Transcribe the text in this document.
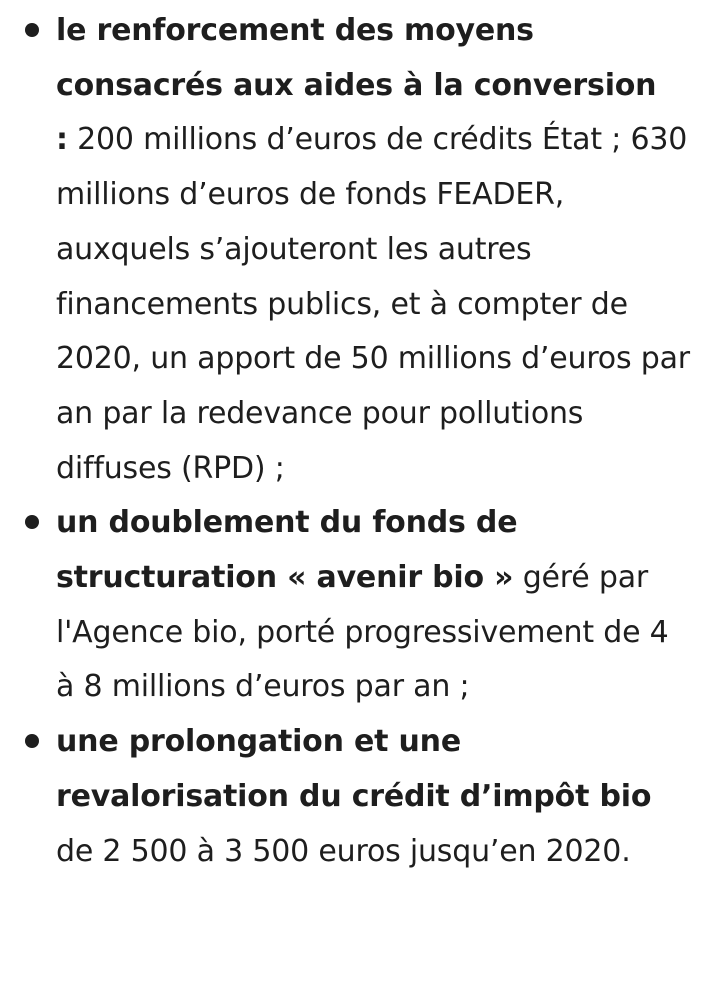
le renforcement des moyens consacrés aux aides à la conversion
: 200 millions d’euros de crédits État ; 630 millions d’euros de fonds FEADER, auxquels s’ajouteront les autres financements publics, et à compter de 2020, un apport de 50 millions d’euros par an par la redevance pour pollutions diffuses (RPD) ;
un doublement du fonds de structuration « avenir bio » géré par l'Agence bio, porté progressivement de 4 à 8 millions d’euros par an ;
une prolongation et une revalorisation du crédit d’impôt bio de 2 500 à 3 500 euros jusqu’en 2020.
